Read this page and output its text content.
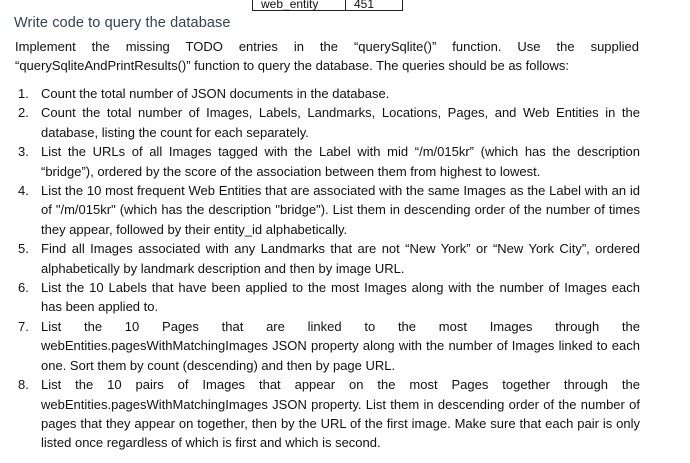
web_entity	451
Write code to query the database
Implement the missing TODO entries in the “querySqlite()” function. Use the supplied “querySqliteAndPrintResults()” function to query the database. The queries should be as follows:
1. Count the total number of JSON documents in the database.
2. Count the total number of Images, Labels, Landmarks, Locations, Pages, and Web Entities in the database, listing the count for each separately.
3. List the URLs of all Images tagged with the Label with mid “/m/015kr” (which has the description “bridge”), ordered by the score of the association between them from highest to lowest.
4. List the 10 most frequent Web Entities that are associated with the same Images as the Label with an id of "/m/015kr" (which has the description "bridge"). List them in descending order of the number of times they appear, followed by their entity_id alphabetically.
5. Find all Images associated with any Landmarks that are not “New York” or “New York City”, ordered alphabetically by landmark description and then by image URL.
6. List the 10 Labels that have been applied to the most Images along with the number of Images each has been applied to.
7. List the 10 Pages that are linked to the most Images through the webEntities.pagesWithMatchingImages JSON property along with the number of Images linked to each one. Sort them by count (descending) and then by page URL.
8. List the 10 pairs of Images that appear on the most Pages together through the webEntities.pagesWithMatchingImages JSON property. List them in descending order of the number of pages that they appear on together, then by the URL of the first image. Make sure that each pair is only listed once regardless of which is first and which is second.
